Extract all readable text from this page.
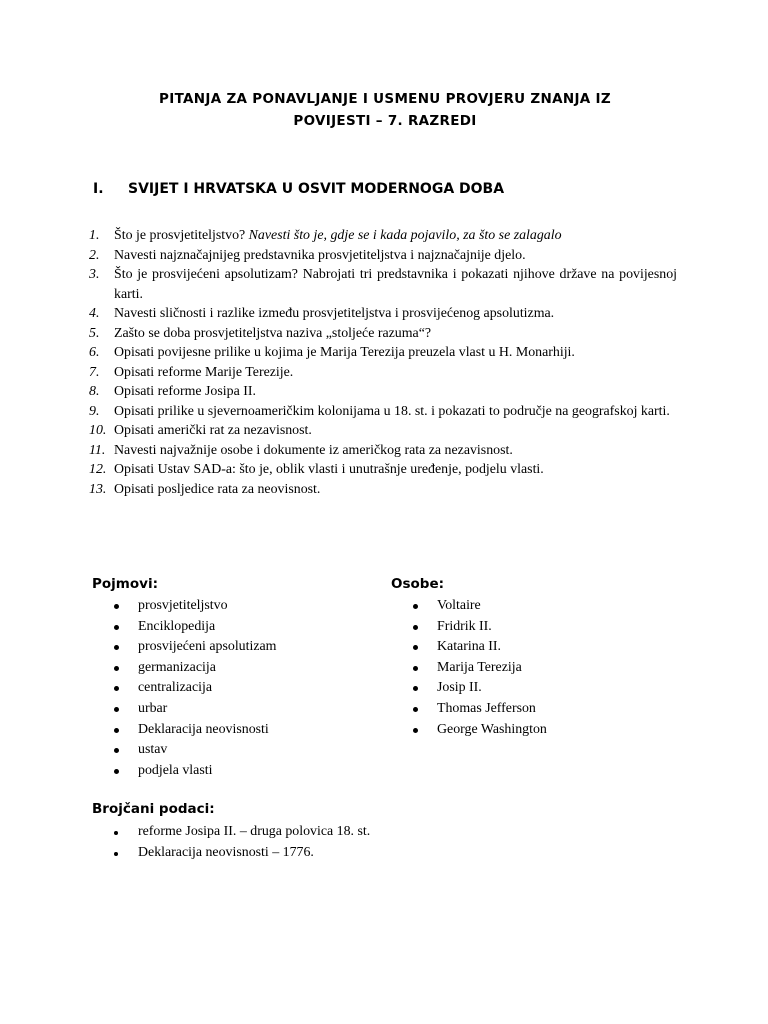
PITANJA ZA PONAVLJANJE I USMENU PROVJERU ZNANJA IZ
POVIJESTI – 7. RAZREDI
I. SVIJET I HRVATSKA U OSVIT MODERNOGA DOBA
1.	Što je prosvjetiteljstvo? Navesti što je, gdje se i kada pojavilo, za što se zalagalo
2.	Navesti najznačajnijeg predstavnika prosvjetiteljstva i najznačajnije djelo.
3.	Što je prosvijećeni apsolutizam? Nabrojati tri predstavnika i pokazati njihove države na povijesnoj karti.
4.	Navesti sličnosti i razlike između prosvjetiteljstva i prosvijećenog apsolutizma.
5.	Zašto se doba prosvjetiteljstva naziva „stoljeće razuma“?
6.	Opisati povijesne prilike u kojima je Marija Terezija preuzela vlast u H. Monarhiji.
7.	Opisati reforme Marije Terezije.
8.	Opisati reforme Josipa II.
9.	Opisati prilike u sjevernoameričkim kolonijama u 18. st. i pokazati to područje na geografskoj karti.
10. Opisati američki rat za nezavisnost.
11. Navesti najvažnije osobe i dokumente iz američkog rata za nezavisnost.
12. Opisati Ustav SAD-a: što je, oblik vlasti i unutrašnje uređenje, podjelu vlasti.
13. Opisati posljedice rata za neovisnost.
Pojmovi:
prosvjetiteljstvo
Enciklopedija
prosvijećeni apsolutizam
germanizacija
centralizacija
urbar
Deklaracija neovisnosti
ustav
podjela vlasti
Osobe:
Voltaire
Fridrik II.
Katarina II.
Marija Terezija
Josip II.
Thomas Jefferson
George Washington
Brojčani podaci:
reforme Josipa II. – druga polovica 18. st.
Deklaracija neovisnosti – 1776.
